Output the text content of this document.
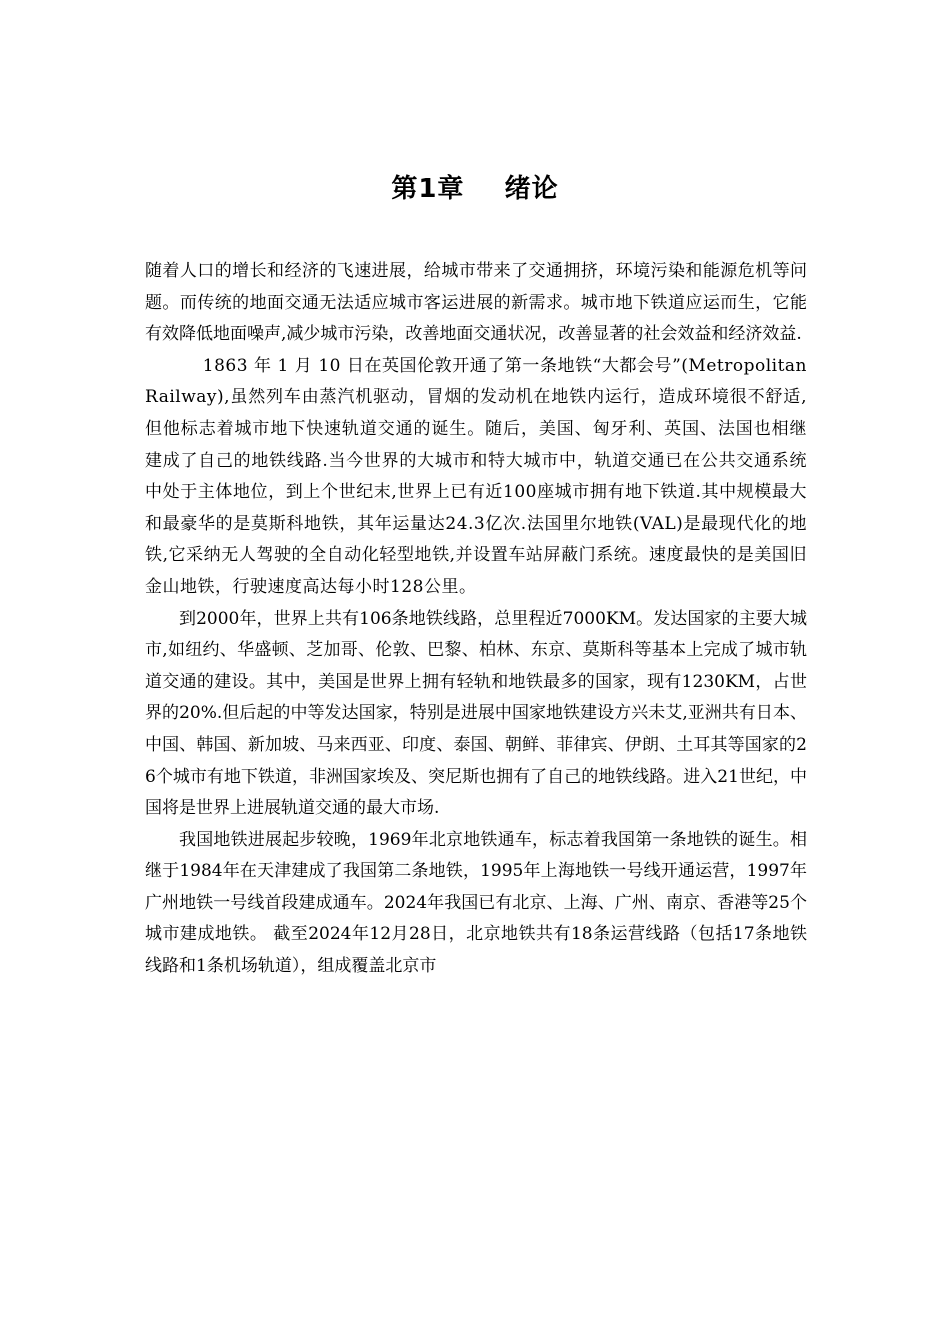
第1章    绪论

随着人口的增长和经济的飞速进展，给城市带来了交通拥挤，环境污染和能源危机等问题。而传统的地面交通无法适应城市客运进展的新需求。城市地下铁道应运而生，它能有效降低地面噪声,减少城市污染，改善地面交通状况，改善显著的社会效益和经济效益.

1863 年 1 月 10 日在英国伦敦开通了第一条地铁“大都会号”(Metropolitan Railway),虽然列车由蒸汽机驱动，冒烟的发动机在地铁内运行，造成环境很不舒适,但他标志着城市地下快速轨道交通的诞生。随后，美国、匈牙利、英国、法国也相继建成了自己的地铁线路.当今世界的大城市和特大城市中，轨道交通已在公共交通系统中处于主体地位，到上个世纪末,世界上已有近100座城市拥有地下铁道.其中规模最大和最豪华的是莫斯科地铁，其年运量达24.3亿次.法国里尔地铁(VAL)是最现代化的地铁,它采纳无人驾驶的全自动化轻型地铁,并设置车站屏蔽门系统。速度最快的是美国旧金山地铁，行驶速度高达每小时128公里。

到2000年，世界上共有106条地铁线路，总里程近7000KM。发达国家的主要大城市,如纽约、华盛顿、芝加哥、伦敦、巴黎、柏林、东京、莫斯科等基本上完成了城市轨道交通的建设。其中，美国是世界上拥有轻轨和地铁最多的国家，现有1230KM，占世界的20%.但后起的中等发达国家，特别是进展中国家地铁建设方兴未艾,亚洲共有日本、中国、韩国、新加坡、马来西亚、印度、泰国、朝鲜、菲律宾、伊朗、土耳其等国家的26个城市有地下铁道，非洲国家埃及、突尼斯也拥有了自己的地铁线路。进入21世纪，中国将是世界上进展轨道交通的最大市场.

我国地铁进展起步较晚，1969年北京地铁通车，标志着我国第一条地铁的诞生。相继于1984年在天津建成了我国第二条地铁，1995年上海地铁一号线开通运营，1997年广州地铁一号线首段建成通车。2024年我国已有北京、上海、广州、南京、香港等25个城市建成地铁。 截至2024年12月28日，北京地铁共有18条运营线路（包括17条地铁线路和1条机场轨道），组成覆盖北京市
